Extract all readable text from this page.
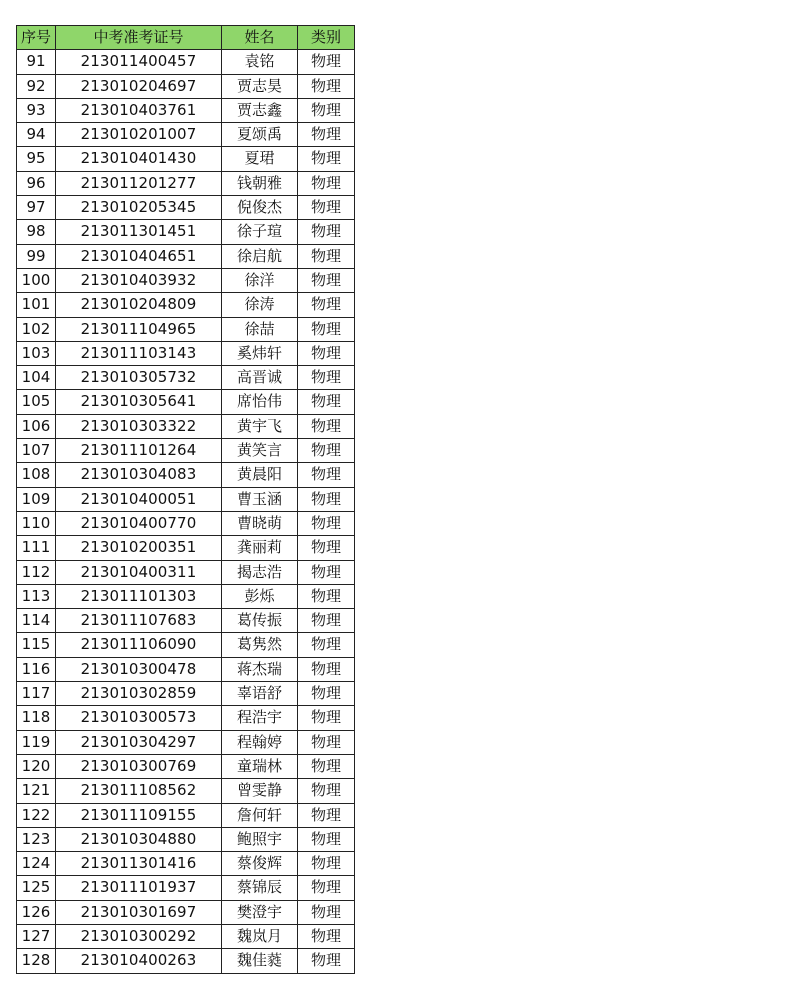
序号	中考准考证号	姓名	类别
91	213011400457	袁铭	物理
92	213010204697	贾志昊	物理
93	213010403761	贾志鑫	物理
94	213010201007	夏颂禹	物理
95	213010401430	夏珺	物理
96	213011201277	钱朝雅	物理
97	213010205345	倪俊杰	物理
98	213011301451	徐子瑄	物理
99	213010404651	徐启航	物理
100	213010403932	徐洋	物理
101	213010204809	徐涛	物理
102	213011104965	徐喆	物理
103	213011103143	奚炜轩	物理
104	213010305732	高晋诚	物理
105	213010305641	席怡伟	物理
106	213010303322	黄宇飞	物理
107	213011101264	黄笑言	物理
108	213010304083	黄晨阳	物理
109	213010400051	曹玉涵	物理
110	213010400770	曹晓萌	物理
111	213010200351	龚丽莉	物理
112	213010400311	揭志浩	物理
113	213011101303	彭烁	物理
114	213011107683	葛传振	物理
115	213011106090	葛隽然	物理
116	213010300478	蒋杰瑞	物理
117	213010302859	辜语舒	物理
118	213010300573	程浩宇	物理
119	213010304297	程翰婷	物理
120	213010300769	童瑞林	物理
121	213011108562	曾雯静	物理
122	213011109155	詹何轩	物理
123	213010304880	鲍照宇	物理
124	213011301416	蔡俊辉	物理
125	213011101937	蔡锦辰	物理
126	213010301697	樊澄宇	物理
127	213010300292	魏岚月	物理
128	213010400263	魏佳蕤	物理
